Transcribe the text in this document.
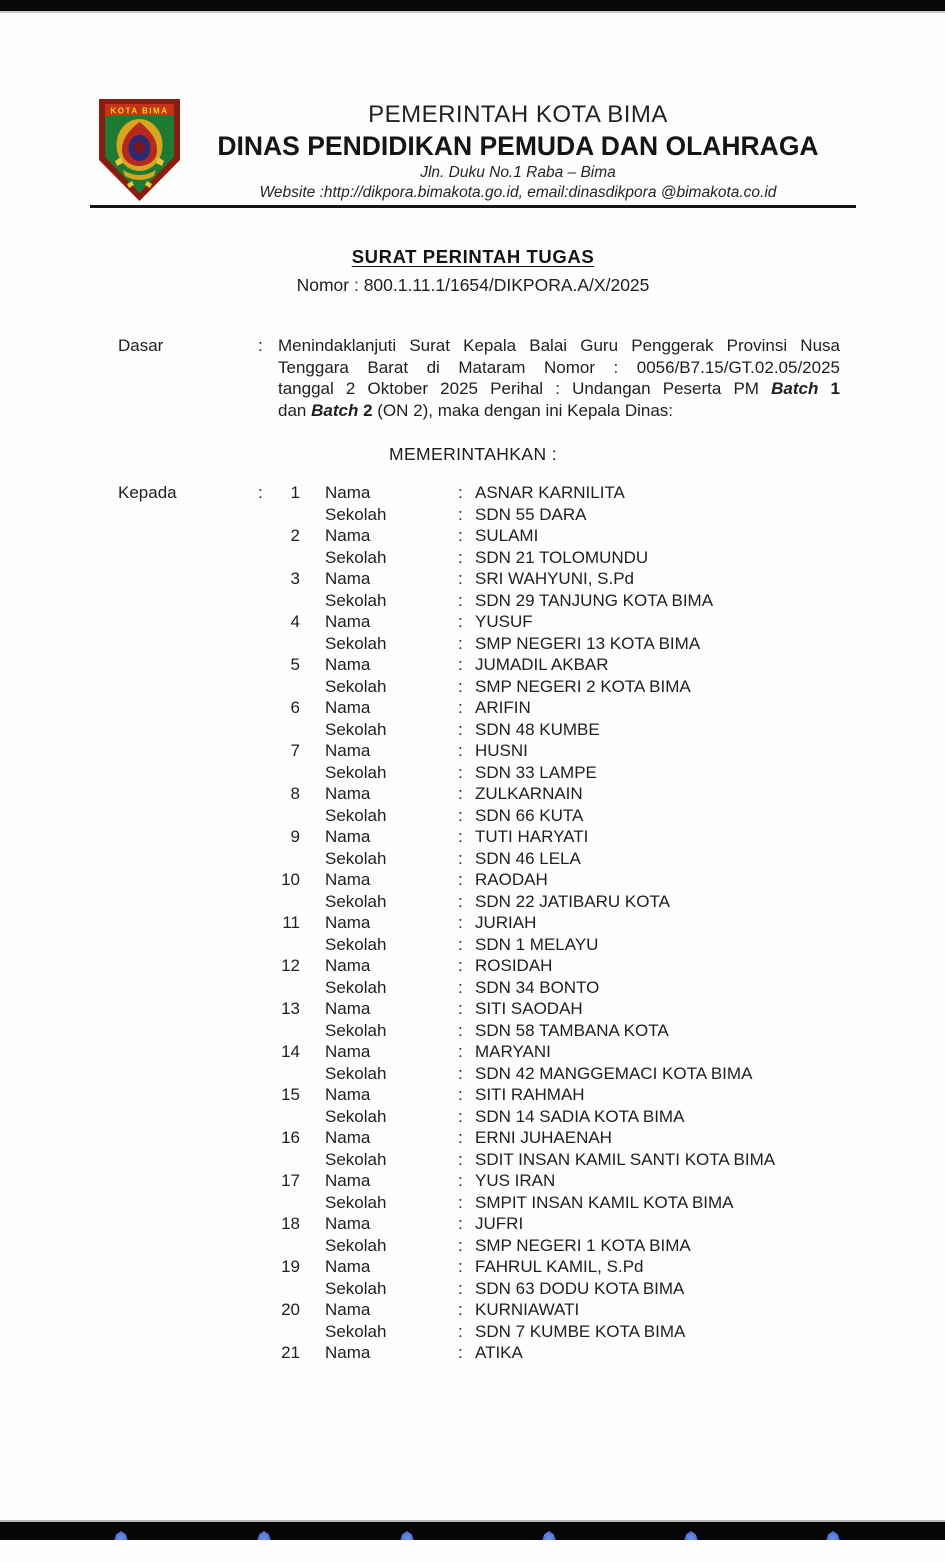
KOTA BIMA	PEMERINTAH KOTA BIMA
DINAS PENDIDIKAN PEMUDA DAN OLAHRAGA
Jln. Duku No.1 Raba – Bima
Website :http://dikpora.bimakota.go.id, email:dinasdikpora @bimakota.co.id
SURAT PERINTAH TUGAS
Nomor : 800.1.11.1/1654/DIKPORA.A/X/2025
Dasar	: Menindaklanjuti Surat Kepala Balai Guru Penggerak Provinsi Nusa
Tenggara Barat di Mataram Nomor : 0056/B7.15/GT.02.05/2025
tanggal 2 Oktober 2025 Perihal : Undangan Peserta PM Batch 1
dan Batch 2 (ON 2), maka dengan ini Kepala Dinas:
MEMERINTAHKAN :
Kepada	:	1	Nama	: ASNAR KARNILITA
Sekolah	: SDN 55 DARA
2	Nama	: SULAMI
Sekolah	: SDN 21 TOLOMUNDU
3	Nama	: SRI WAHYUNI, S.Pd
Sekolah	: SDN 29 TANJUNG KOTA BIMA
4	Nama	: YUSUF
Sekolah	: SMP NEGERI 13 KOTA BIMA
5	Nama	: JUMADIL AKBAR
Sekolah	: SMP NEGERI 2 KOTA BIMA
6	Nama	: ARIFIN
Sekolah	: SDN 48 KUMBE
7	Nama	: HUSNI
Sekolah	: SDN 33 LAMPE
8	Nama	: ZULKARNAIN
Sekolah	: SDN 66 KUTA
9	Nama	: TUTI HARYATI
Sekolah	: SDN 46 LELA
10	Nama	: RAODAH
Sekolah	: SDN 22 JATIBARU KOTA
11	Nama	: JURIAH
Sekolah	: SDN 1 MELAYU
12	Nama	: ROSIDAH
Sekolah	: SDN 34 BONTO
13	Nama	: SITI SAODAH
Sekolah	: SDN 58 TAMBANA KOTA
14	Nama	: MARYANI
Sekolah	: SDN 42 MANGGEMACI KOTA BIMA
15	Nama	: SITI RAHMAH
Sekolah	: SDN 14 SADIA KOTA BIMA
16	Nama	: ERNI JUHAENAH
Sekolah	: SDIT INSAN KAMIL SANTI KOTA BIMA
17	Nama	: YUS IRAN
Sekolah	: SMPIT INSAN KAMIL KOTA BIMA
18	Nama	: JUFRI
Sekolah	: SMP NEGERI 1 KOTA BIMA
19	Nama	: FAHRUL KAMIL, S.Pd
Sekolah	: SDN 63 DODU KOTA BIMA
20	Nama	: KURNIAWATI
Sekolah	: SDN 7 KUMBE KOTA BIMA
21	Nama	: ATIKA
